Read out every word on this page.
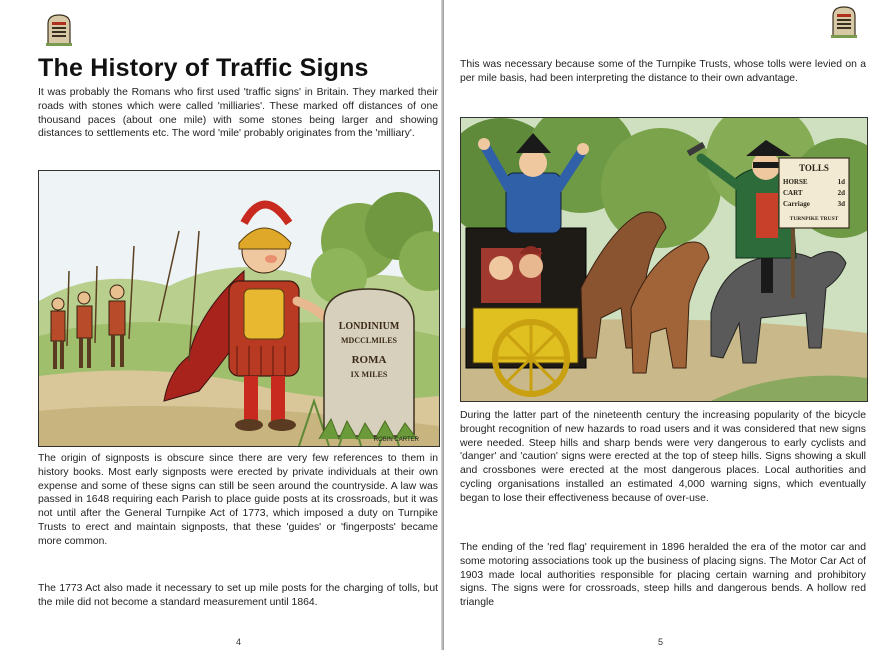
The History of Traffic Signs

It was probably the Romans who first used 'traffic signs' in Britain. They marked their roads with stones which were called 'milliaries'. These marked off distances of one thousand paces (about one mile) with some stones being larger and showing distances to settlements etc. The word 'mile' probably originates from the 'milliary'.

LONDINIUM
MDCCLMILES
ROMA
IX MILES
ROBIN CARTER

The origin of signposts is obscure since there are very few references to them in history books. Most early signposts were erected by private individuals at their own expense and some of these signs can still be seen around the countryside. A law was passed in 1648 requiring each Parish to place guide posts at its crossroads, but it was not until after the General Turnpike Act of 1773, which imposed a duty on Turnpike Trusts to erect and maintain signposts, that these 'guides' or 'fingerposts' became more common.

The 1773 Act also made it necessary to set up mile posts for the charging of tolls, but the mile did not become a standard measurement until 1864.

4

This was necessary because some of the Turnpike Trusts, whose tolls were levied on a per mile basis, had been interpreting the distance to their own advantage.

TOLLS
HORSE	1d
CART	2d
Carriage	3d
TURNPIKE TRUST

During the latter part of the nineteenth century the increasing popularity of the bicycle brought recognition of new hazards to road users and it was considered that new signs were needed. Steep hills and sharp bends were very dangerous to early cyclists and 'danger' and 'caution' signs were erected at the top of steep hills. Signs showing a skull and crossbones were erected at the most dangerous places. Local authorities and cycling organisations installed an estimated 4,000 warning signs, which eventually began to lose their effectiveness because of over-use.

The ending of the 'red flag' requirement in 1896 heralded the era of the motor car and some motoring associations took up the business of placing signs. The Motor Car Act of 1903 made local authorities responsible for placing certain warning and prohibitory signs. The signs were for crossroads, steep hills and dangerous bends. A hollow red triangle

5
